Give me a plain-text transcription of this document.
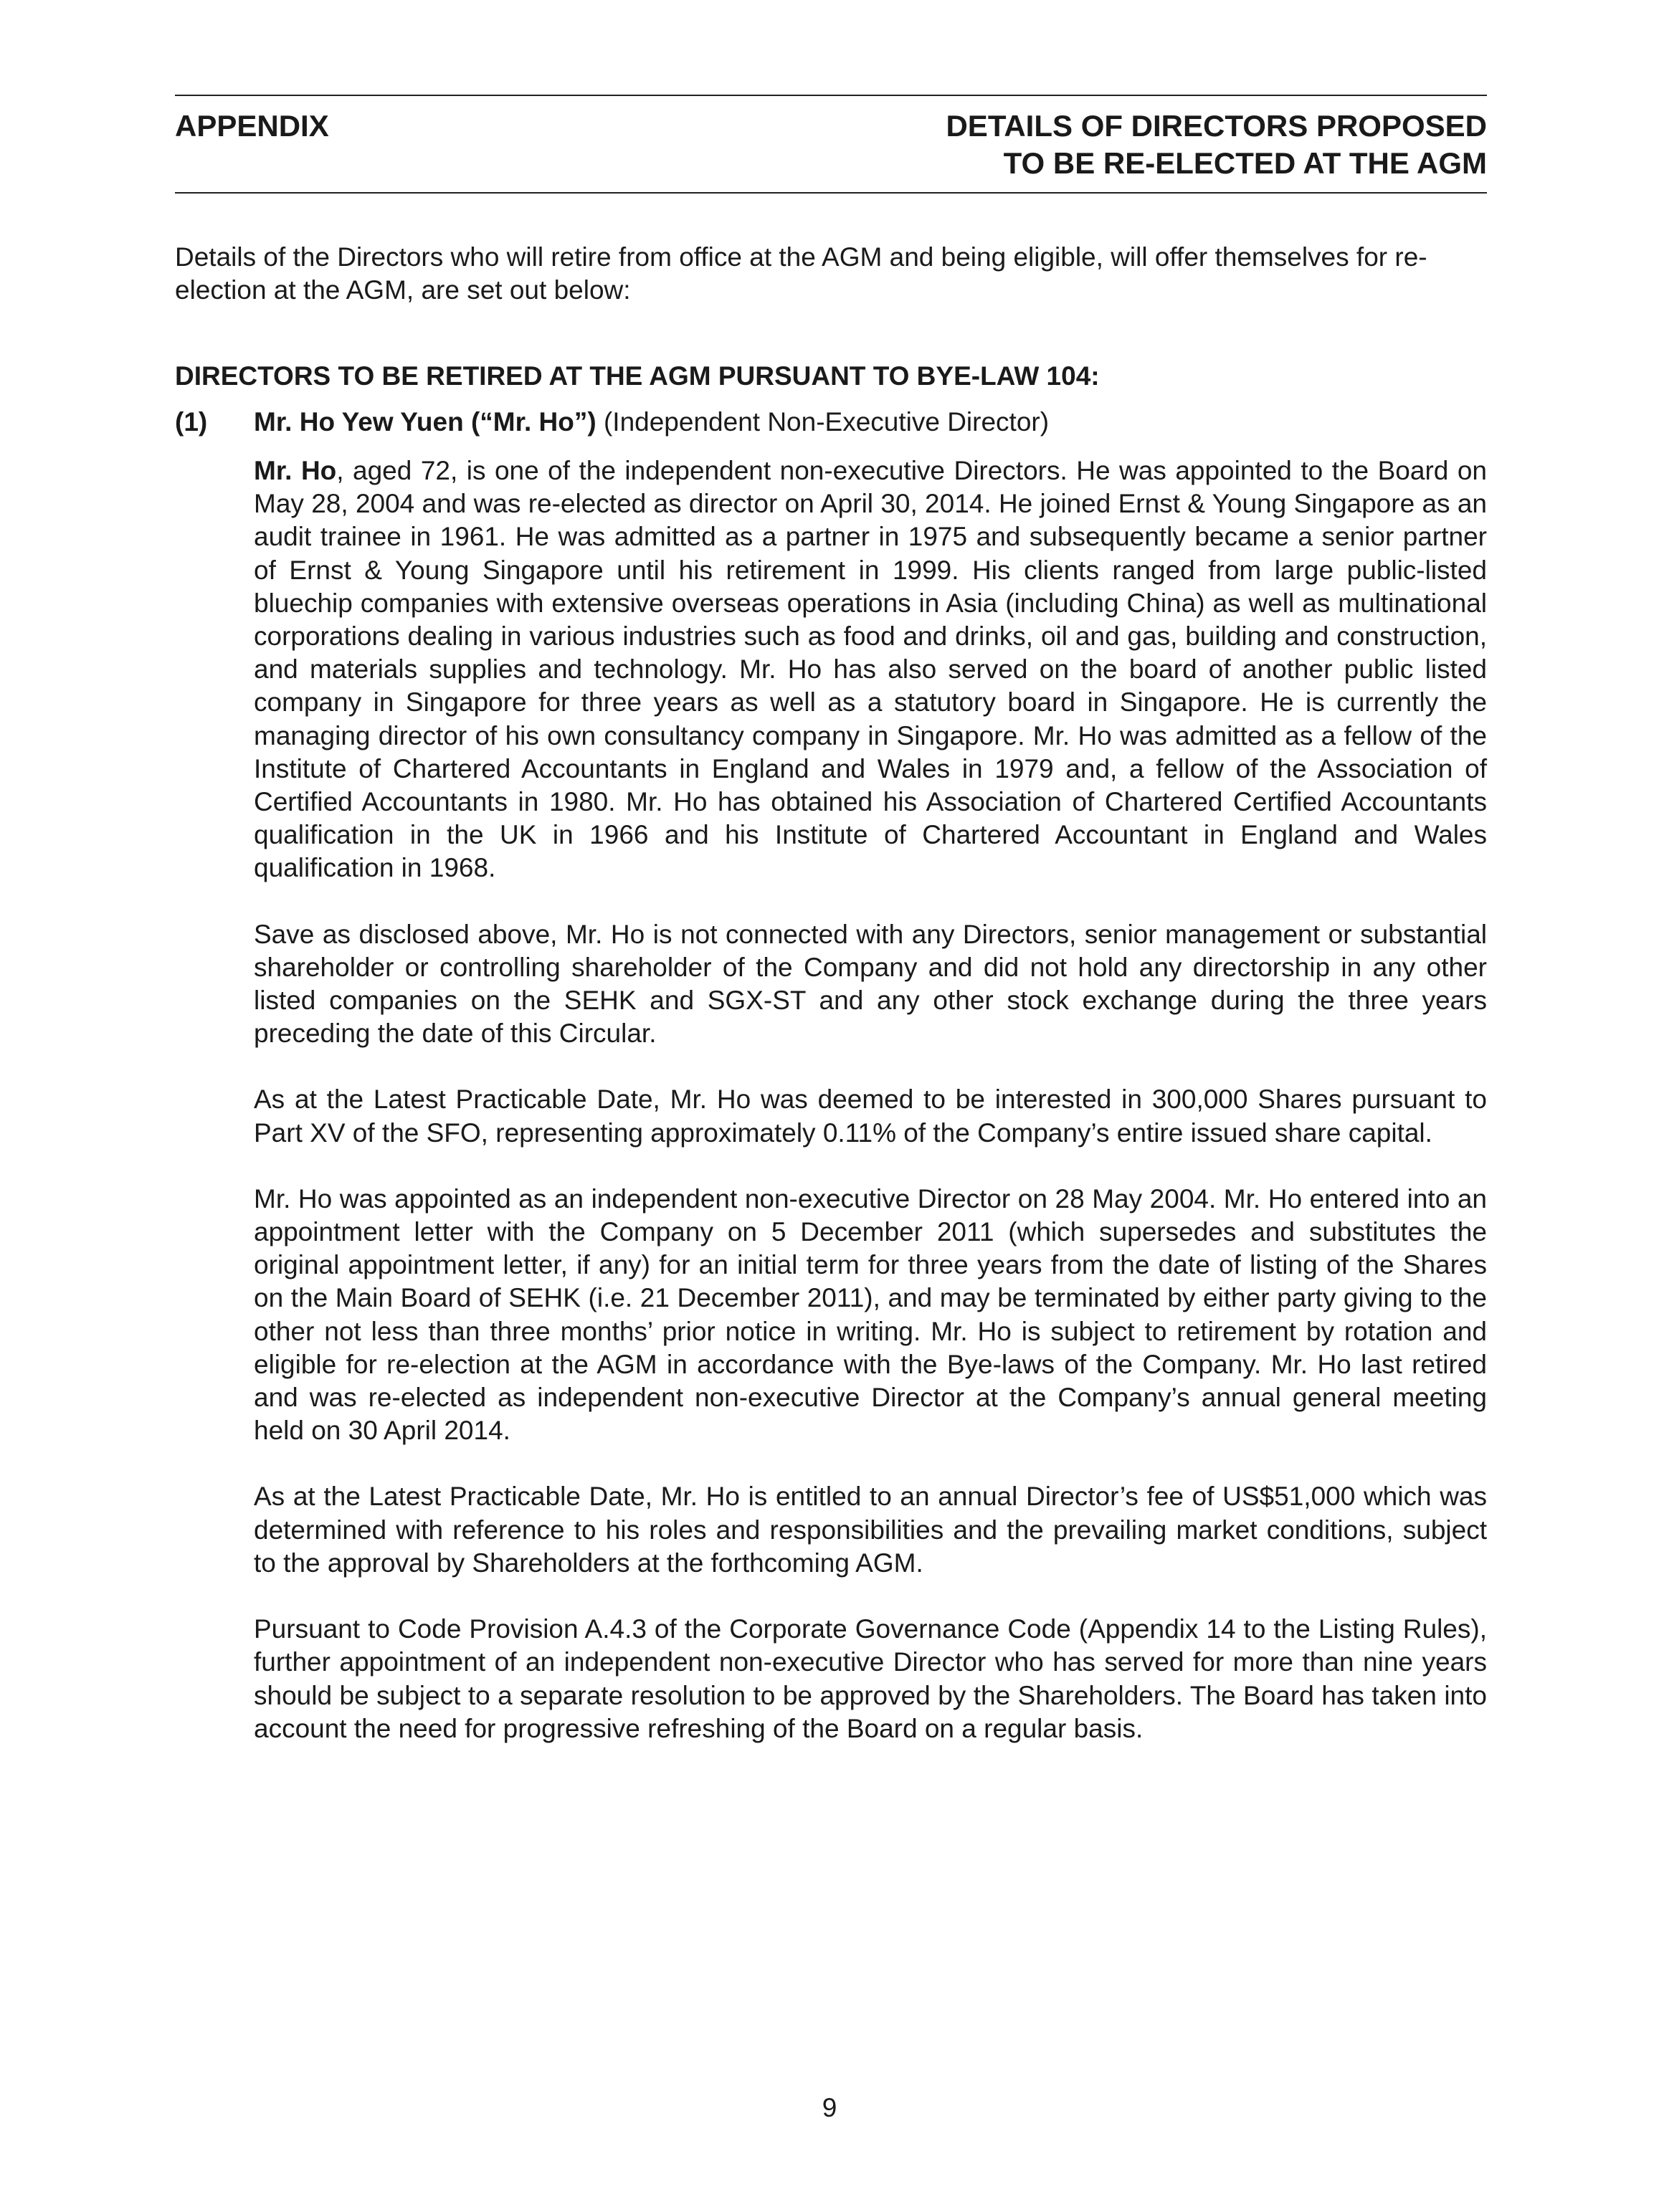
APPENDIX	DETAILS OF DIRECTORS PROPOSED
TO BE RE-ELECTED AT THE AGM

Details of the Directors who will retire from office at the AGM and being eligible, will offer themselves for re-election at the AGM, are set out below:

DIRECTORS TO BE RETIRED AT THE AGM PURSUANT TO BYE-LAW 104:

(1) Mr. Ho Yew Yuen (“Mr. Ho”) (Independent Non-Executive Director)

Mr. Ho, aged 72, is one of the independent non-executive Directors. He was appointed to the Board on May 28, 2004 and was re-elected as director on April 30, 2014. He joined Ernst & Young Singapore as an audit trainee in 1961. He was admitted as a partner in 1975 and subsequently became a senior partner of Ernst & Young Singapore until his retirement in 1999. His clients ranged from large public-listed bluechip companies with extensive overseas operations in Asia (including China) as well as multinational corporations dealing in various industries such as food and drinks, oil and gas, building and construction, and materials supplies and technology. Mr. Ho has also served on the board of another public listed company in Singapore for three years as well as a statutory board in Singapore. He is currently the managing director of his own consultancy company in Singapore. Mr. Ho was admitted as a fellow of the Institute of Chartered Accountants in England and Wales in 1979 and, a fellow of the Association of Certified Accountants in 1980. Mr. Ho has obtained his Association of Chartered Certified Accountants qualification in the UK in 1966 and his Institute of Chartered Accountant in England and Wales qualification in 1968.

Save as disclosed above, Mr. Ho is not connected with any Directors, senior management or substantial shareholder or controlling shareholder of the Company and did not hold any directorship in any other listed companies on the SEHK and SGX-ST and any other stock exchange during the three years preceding the date of this Circular.

As at the Latest Practicable Date, Mr. Ho was deemed to be interested in 300,000 Shares pursuant to Part XV of the SFO, representing approximately 0.11% of the Company’s entire issued share capital.

Mr. Ho was appointed as an independent non-executive Director on 28 May 2004. Mr. Ho entered into an appointment letter with the Company on 5 December 2011 (which supersedes and substitutes the original appointment letter, if any) for an initial term for three years from the date of listing of the Shares on the Main Board of SEHK (i.e. 21 December 2011), and may be terminated by either party giving to the other not less than three months’ prior notice in writing. Mr. Ho is subject to retirement by rotation and eligible for re-election at the AGM in accordance with the Bye-laws of the Company. Mr. Ho last retired and was re-elected as independent non-executive Director at the Company’s annual general meeting held on 30 April 2014.

As at the Latest Practicable Date, Mr. Ho is entitled to an annual Director’s fee of US$51,000 which was determined with reference to his roles and responsibilities and the prevailing market conditions, subject to the approval by Shareholders at the forthcoming AGM.

Pursuant to Code Provision A.4.3 of the Corporate Governance Code (Appendix 14 to the Listing Rules), further appointment of an independent non-executive Director who has served for more than nine years should be subject to a separate resolution to be approved by the Shareholders. The Board has taken into account the need for progressive refreshing of the Board on a regular basis.

9
